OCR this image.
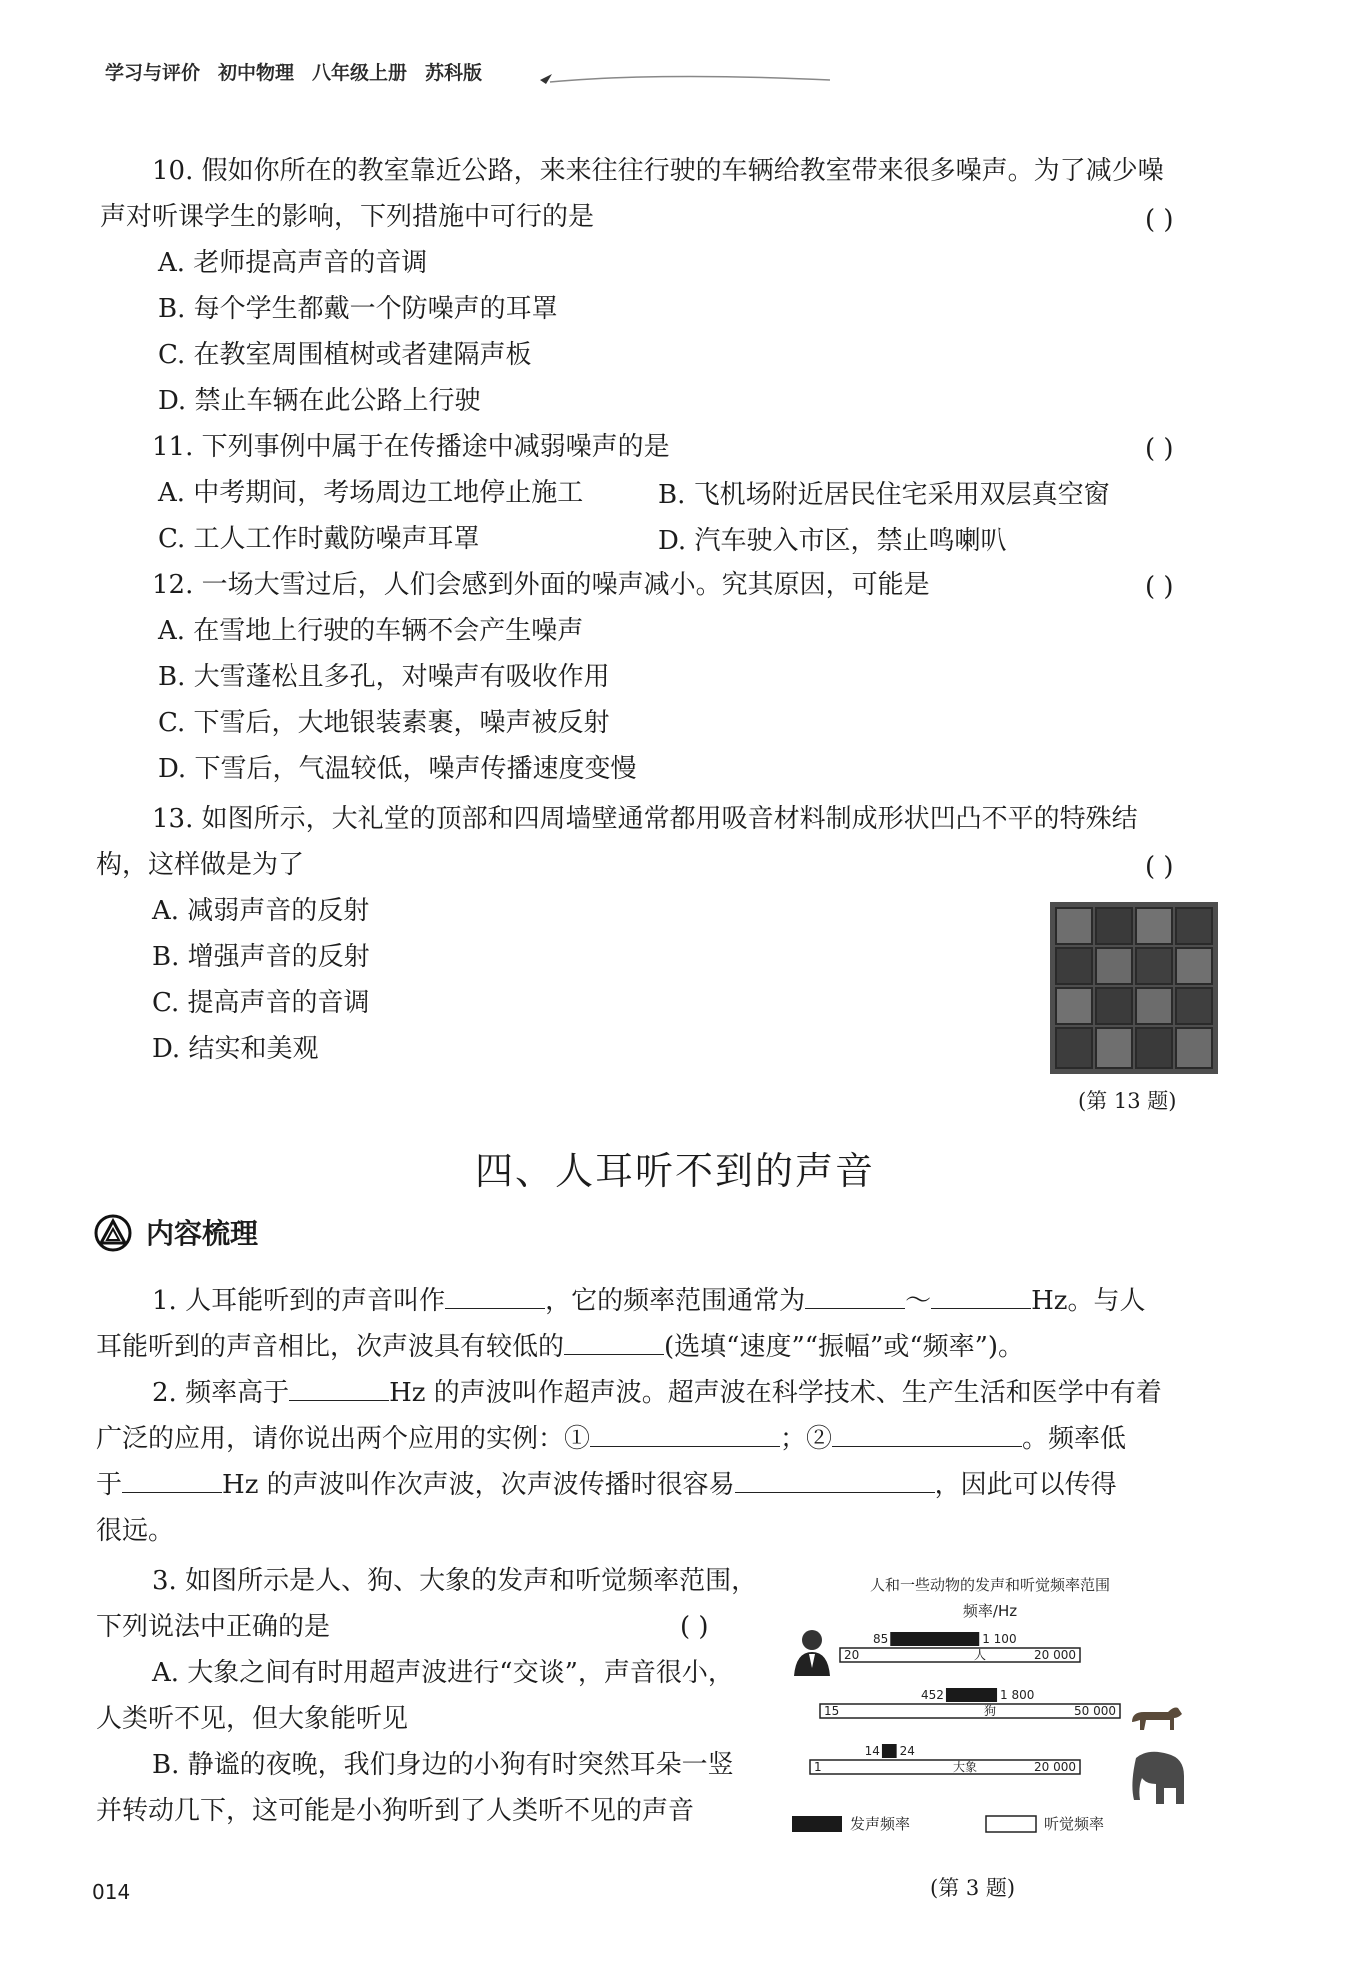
学习与评价 初中物理 八年级上册 苏科版
10. 假如你所在的教室靠近公路，来来往往行驶的车辆给教室带来很多噪声。为了减少噪
声对听课学生的影响，下列措施中可行的是	( )
A. 老师提高声音的音调
B. 每个学生都戴一个防噪声的耳罩
C. 在教室周围植树或者建隔声板
D. 禁止车辆在此公路上行驶
11. 下列事例中属于在传播途中减弱噪声的是	( )
A. 中考期间，考场周边工地停止施工	B. 飞机场附近居民住宅采用双层真空窗
C. 工人工作时戴防噪声耳罩	D. 汽车驶入市区，禁止鸣喇叭
12. 一场大雪过后，人们会感到外面的噪声减小。究其原因，可能是	( )
A. 在雪地上行驶的车辆不会产生噪声
B. 大雪蓬松且多孔，对噪声有吸收作用
C. 下雪后，大地银装素裹，噪声被反射
D. 下雪后，气温较低，噪声传播速度变慢
13. 如图所示，大礼堂的顶部和四周墙壁通常都用吸音材料制成形状凹凸不平的特殊结
构，这样做是为了	( )
A. 减弱声音的反射
B. 增强声音的反射
C. 提高声音的音调
D. 结实和美观
(第 13 题)
四、人耳听不到的声音
内容梳理
1. 人耳能听到的声音叫作	，它的频率范围通常为	～	Hz。与人
耳能听到的声音相比，次声波具有较低的	(选填“速度”“振幅”或“频率”)。
2. 频率高于	Hz 的声波叫作超声波。超声波在科学技术、生产生活和医学中有着
广泛的应用，请你说出两个应用的实例：①	；②	。频率低
于	Hz 的声波叫作次声波，次声波传播时很容易	，因此可以传得
很远。
3. 如图所示是人、狗、大象的发声和听觉频率范围，
下列说法中正确的是	( )
A. 大象之间有时用超声波进行“交谈”，声音很小，
人类听不见，但大象能听见
B. 静谧的夜晚，我们身边的小狗有时突然耳朵一竖
并转动几下，这可能是小狗听到了人类听不见的声音
人和一些动物的发声和听觉频率范围
频率/Hz
20	20 000
人
85	1 100
15	50 000
狗
452	1 800
1	20 000
大象
14 24
发声频率	听觉频率
(第 3 题)
014
